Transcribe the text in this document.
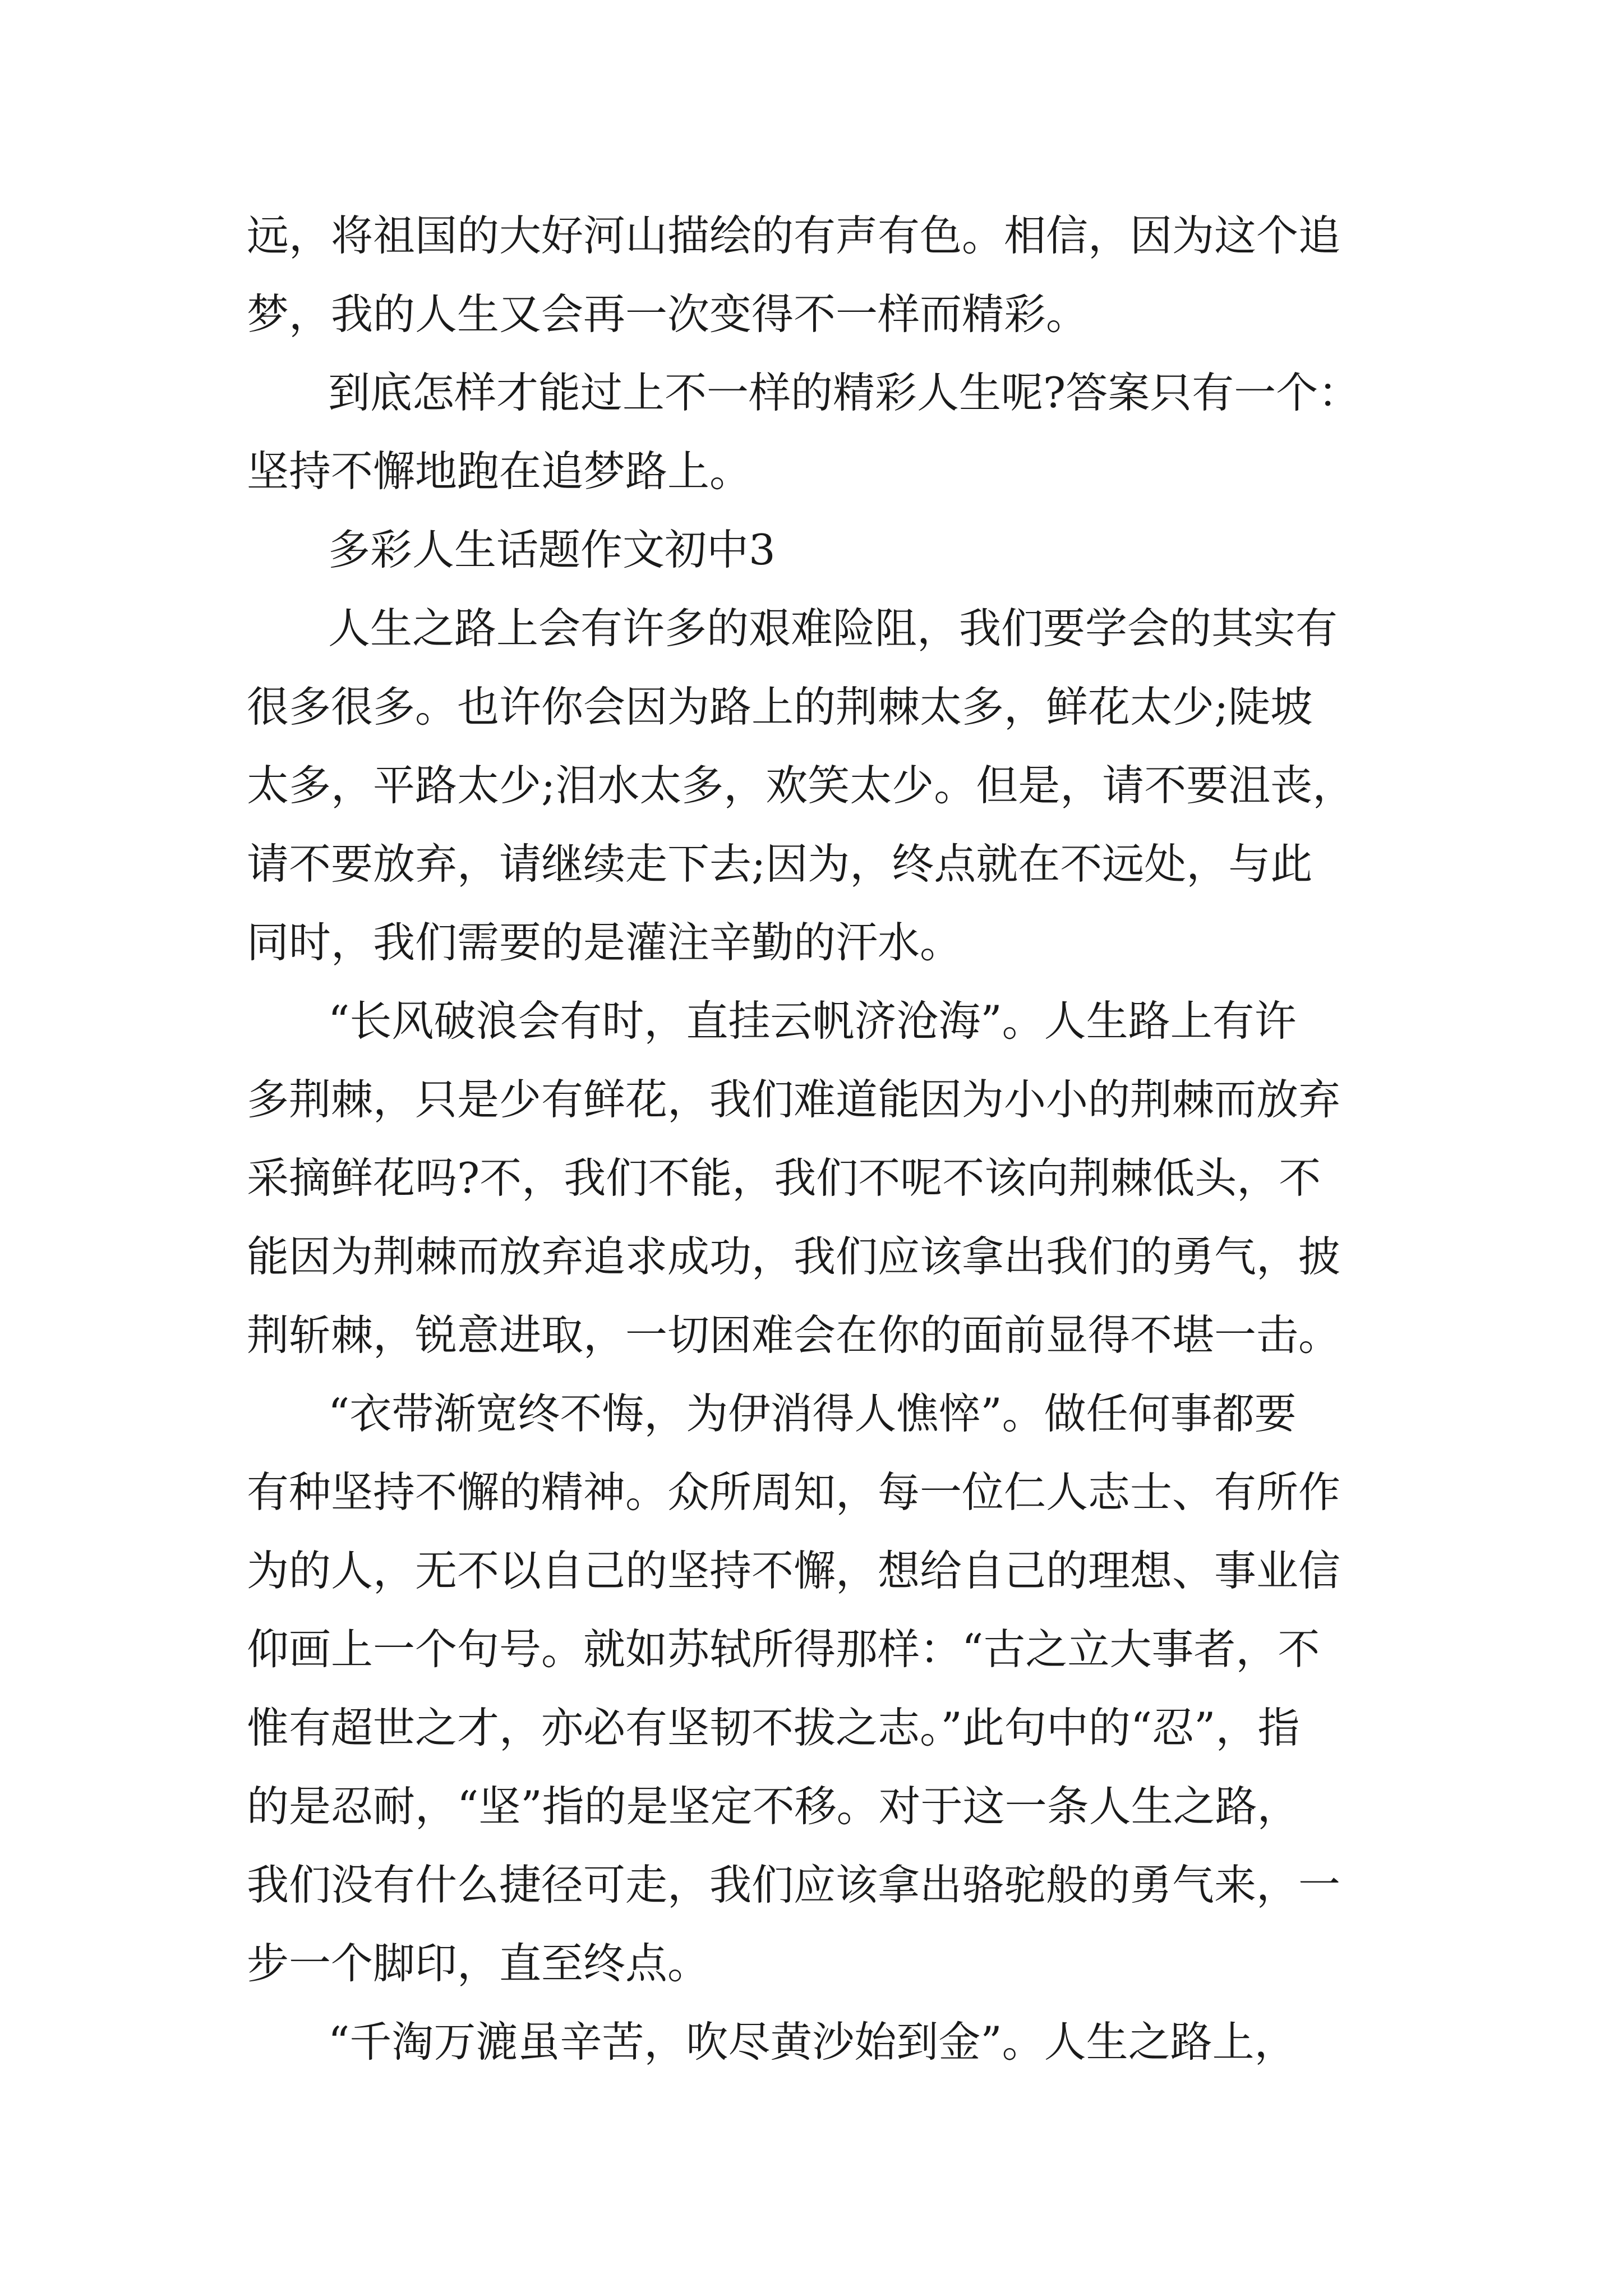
远，将祖国的大好河山描绘的有声有色。相信，因为这个追
梦，我的人生又会再一次变得不一样而精彩。
到底怎样才能过上不一样的精彩人生呢?答案只有一个：
坚持不懈地跑在追梦路上。
多彩人生话题作文初中3
人生之路上会有许多的艰难险阻，我们要学会的其实有
很多很多。也许你会因为路上的荆棘太多，鲜花太少;陡坡
太多，平路太少;泪水太多，欢笑太少。但是，请不要沮丧，
请不要放弃，请继续走下去;因为，终点就在不远处，与此
同时，我们需要的是灌注辛勤的汗水。
“长风破浪会有时，直挂云帆济沧海”。人生路上有许
多荆棘，只是少有鲜花，我们难道能因为小小的荆棘而放弃
采摘鲜花吗?不，我们不能，我们不呢不该向荆棘低头，不
能因为荆棘而放弃追求成功，我们应该拿出我们的勇气，披
荆斩棘，锐意进取，一切困难会在你的面前显得不堪一击。
“衣带渐宽终不悔，为伊消得人憔悴”。做任何事都要
有种坚持不懈的精神。众所周知，每一位仁人志士、有所作
为的人，无不以自己的坚持不懈，想给自己的理想、事业信
仰画上一个句号。就如苏轼所得那样：“古之立大事者，不
惟有超世之才，亦必有坚韧不拔之志。”此句中的“忍”，指
的是忍耐，“坚”指的是坚定不移。对于这一条人生之路，
我们没有什么捷径可走，我们应该拿出骆驼般的勇气来，一
步一个脚印，直至终点。
“千淘万漉虽辛苦，吹尽黄沙始到金”。人生之路上，
